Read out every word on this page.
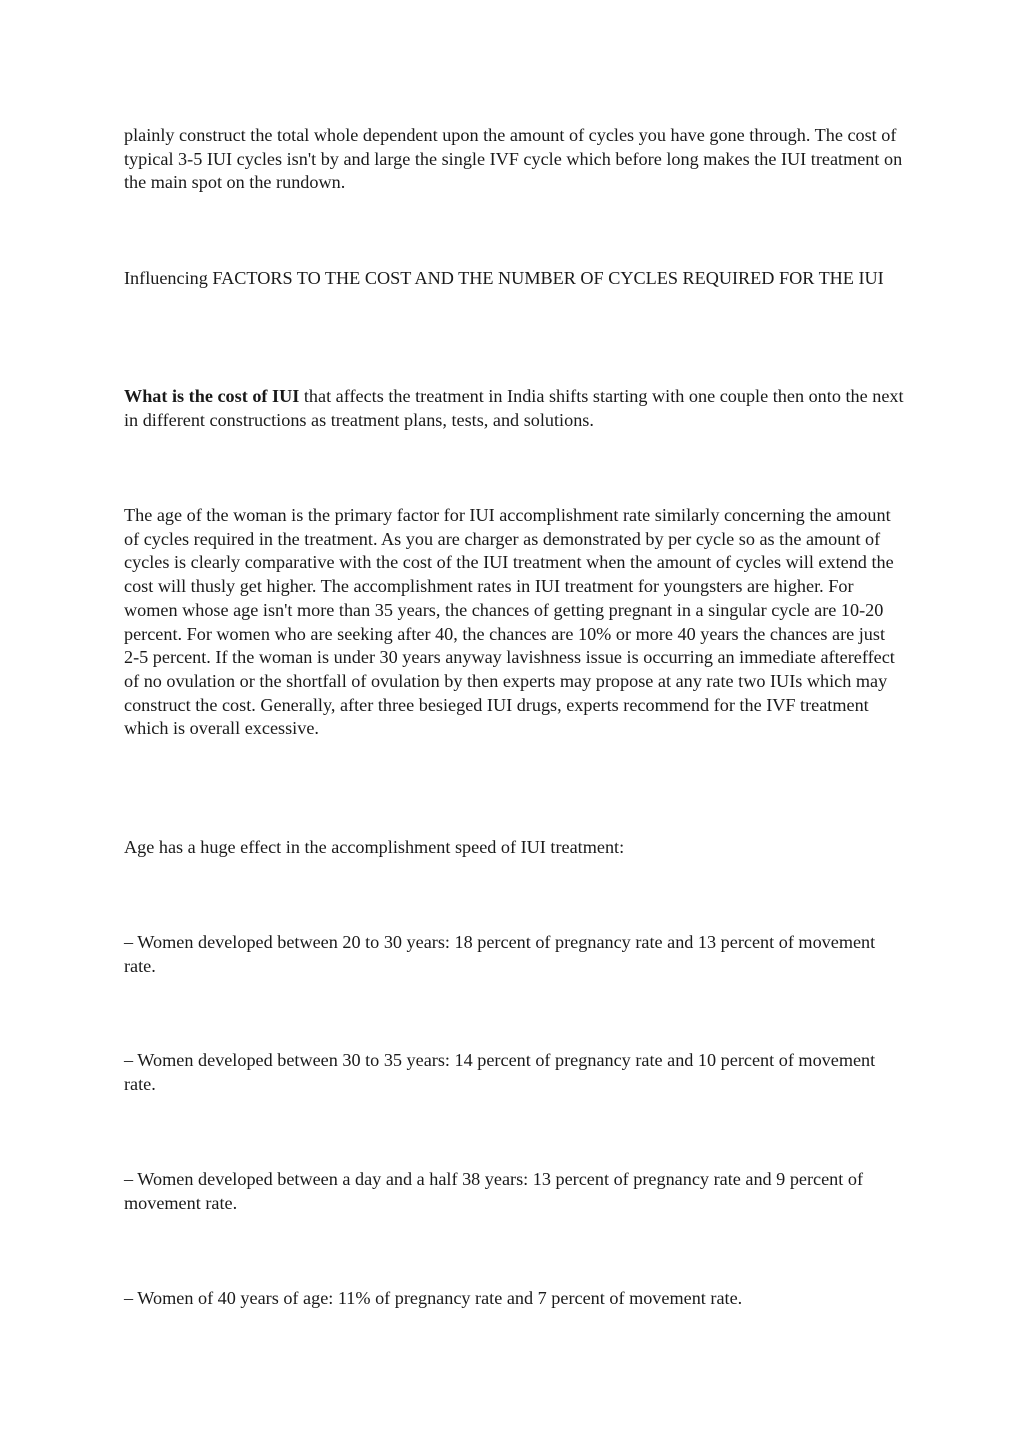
plainly construct the total whole dependent upon the amount of cycles you have gone through. The cost of typical 3-5 IUI cycles isn't by and large the single IVF cycle which before long makes the IUI treatment on the main spot on the rundown.

Influencing FACTORS TO THE COST AND THE NUMBER OF CYCLES REQUIRED FOR THE IUI

What is the cost of IUI that affects the treatment in India shifts starting with one couple then onto the next in different constructions as treatment plans, tests, and solutions.

The age of the woman is the primary factor for IUI accomplishment rate similarly concerning the amount of cycles required in the treatment. As you are charger as demonstrated by per cycle so as the amount of cycles is clearly comparative with the cost of the IUI treatment when the amount of cycles will extend the cost will thusly get higher. The accomplishment rates in IUI treatment for youngsters are higher. For women whose age isn't more than 35 years, the chances of getting pregnant in a singular cycle are 10-20 percent. For women who are seeking after 40, the chances are 10% or more 40 years the chances are just 2-5 percent. If the woman is under 30 years anyway lavishness issue is occurring an immediate aftereffect of no ovulation or the shortfall of ovulation by then experts may propose at any rate two IUIs which may construct the cost. Generally, after three besieged IUI drugs, experts recommend for the IVF treatment which is overall excessive.

Age has a huge effect in the accomplishment speed of IUI treatment:

– Women developed between 20 to 30 years: 18 percent of pregnancy rate and 13 percent of movement rate.

– Women developed between 30 to 35 years: 14 percent of pregnancy rate and 10 percent of movement rate.

– Women developed between a day and a half 38 years: 13 percent of pregnancy rate and 9 percent of movement rate.

– Women of 40 years of age: 11% of pregnancy rate and 7 percent of movement rate.
